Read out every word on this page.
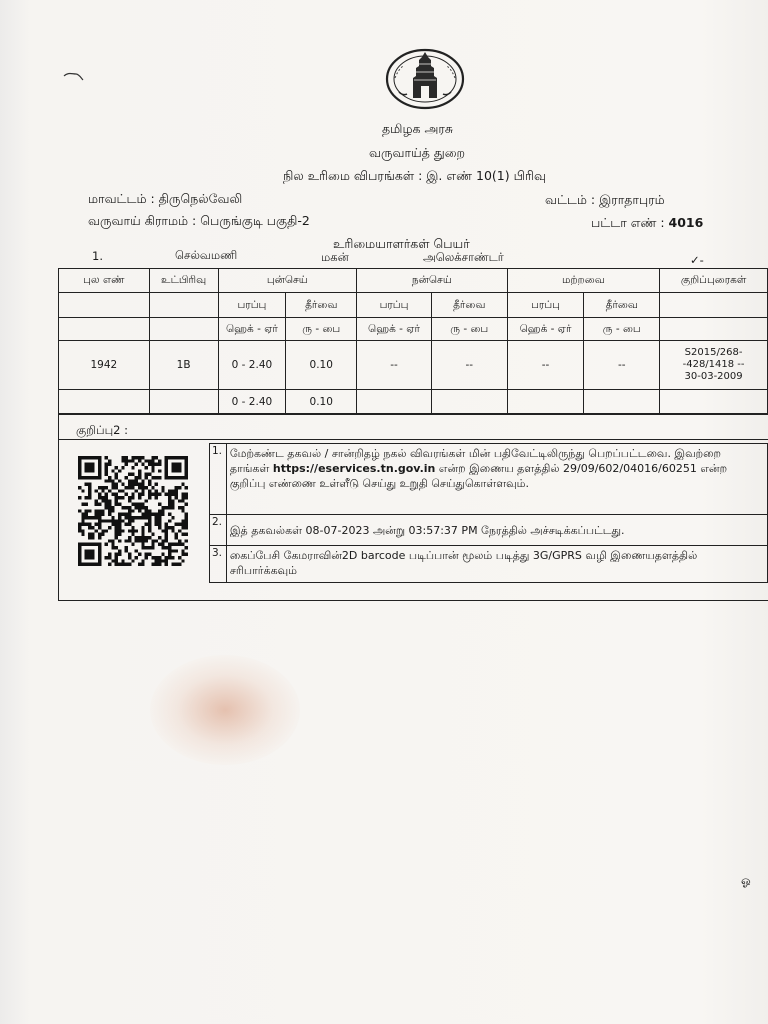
தமிழக அரசு
வருவாய்த் துறை
நில உரிமை விபரங்கள் : இ. எண் 10(1) பிரிவு
மாவட்டம் : திருநெல்வேலி	வட்டம் : இராதாபுரம்
வருவாய் கிராமம் : பெருங்குடி பகுதி-2	பட்டா எண் : 4016
உரிமையாளர்கள் பெயர்
1.	செல்வமணி	மகன்	அலெக்சாண்டர்	✓-
புல எண்	உட்பிரிவு	புன்செய்		நன்செய்		மற்றவை		குறிப்புரைகள்
		பரப்பு	தீர்வை	பரப்பு	தீர்வை	பரப்பு	தீர்வை	
		ஹெக் - ஏர்	ரு - பை	ஹெக் - ஏர்	ரு - பை	ஹெக் - ஏர்	ரு - பை	
1942	1B	0 - 2.40	0.10	--	--	--	--	S2015/268-
-428/1418 --
30-03-2009

		0 - 2.40	0.10					
குறிப்பு2 :
1.	மேற்கண்ட தகவல் / சான்றிதழ் நகல் விவரங்கள் மின் பதிவேட்டிலிருந்து பெறப்பட்டவை. இவற்றை தாங்கள் https://eservices.tn.gov.in என்ற இணைய தளத்தில் 29/09/602/04016/60251 என்ற குறிப்பு எண்ணை உள்ளீடு செய்து உறுதி செய்துகொள்ளவும்.
2.	இத் தகவல்கள் 08-07-2023 அன்று 03:57:37 PM நேரத்தில் அச்சடிக்கப்பட்டது.
3.	கைப்பேசி கேமராவின்2D barcode படிப்பான் மூலம் படித்து 3G/GPRS வழி இணையதளத்தில் சரிபார்க்கவும்
ஓ
